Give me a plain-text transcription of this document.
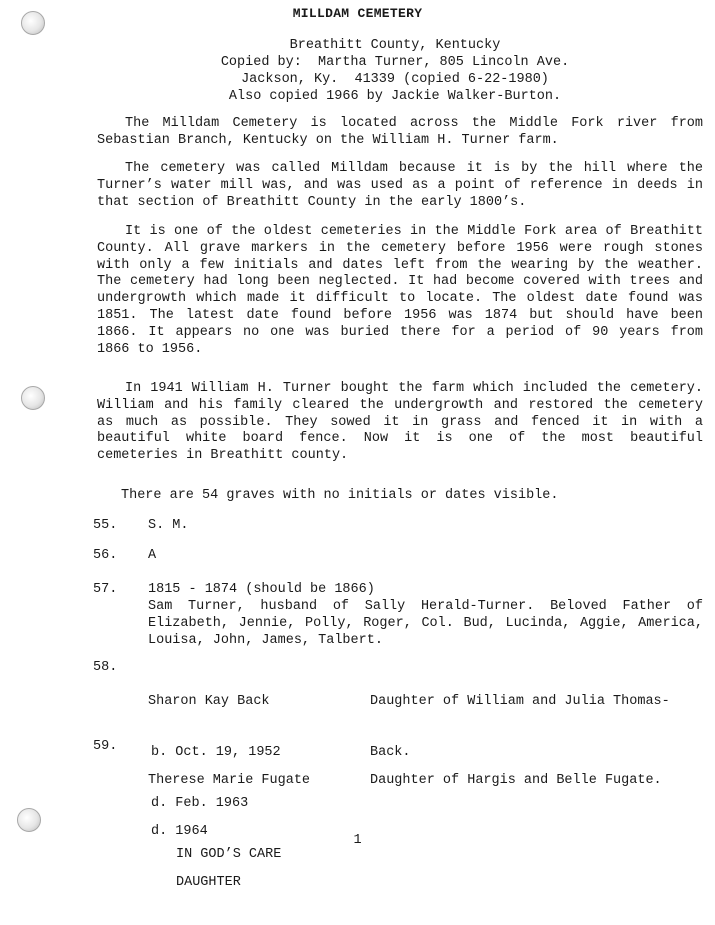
MILLDAM CEMETERY
Breathitt County, Kentucky
Copied by:  Martha Turner, 805 Lincoln Ave.
Jackson, Ky.  41339 (copied 6-22-1980)
Also copied 1966 by Jackie Walker-Burton.

The Milldam Cemetery is located across the Middle Fork river from Sebastian Branch, Kentucky on the William H. Turner farm.

The cemetery was called Milldam because it is by the hill where the Turner’s water mill was, and was used as a point of reference in deeds in that section of Breathitt County in the early 1800’s.

It is one of the oldest cemeteries in the Middle Fork area of Breathitt County. All grave markers in the cemetery before 1956 were rough stones with only a few initials and dates left from the wearing by the weather. The cemetery had long been neglected. It had become covered with trees and undergrowth which made it difficult to locate. The oldest date found was 1851. The latest date found before 1956 was 1874 but should have been 1866. It appears no one was buried there for a period of 90 years from 1866 to 1956.

In 1941 William H. Turner bought the farm which included the cemetery. William and his family cleared the undergrowth and restored the cemetery as much as possible. They sowed it in grass and fenced it in with a beautiful white board fence. Now it is one of the most beautiful cemeteries in Breathitt county.

There are 54 graves with no initials or dates visible.

55.

S. M.

56.

A

57.

1815 - 1874 (should be 1866)
Sam Turner, husband of Sally Herald-Turner. Beloved Father of Elizabeth, Jennie, Polly, Roger, Col. Bud, Lucinda, Aggie, America, Louisa, John, James, Talbert.

58.

Sharon Kay Back

b. Oct. 19, 1952

d. Feb. 1963

IN GOD’S CARE

Daughter of William and Julia Thomas-

Back.

59.

Therese Marie Fugate

d. 1964

DAUGHTER

Daughter of Hargis and Belle Fugate.

1
